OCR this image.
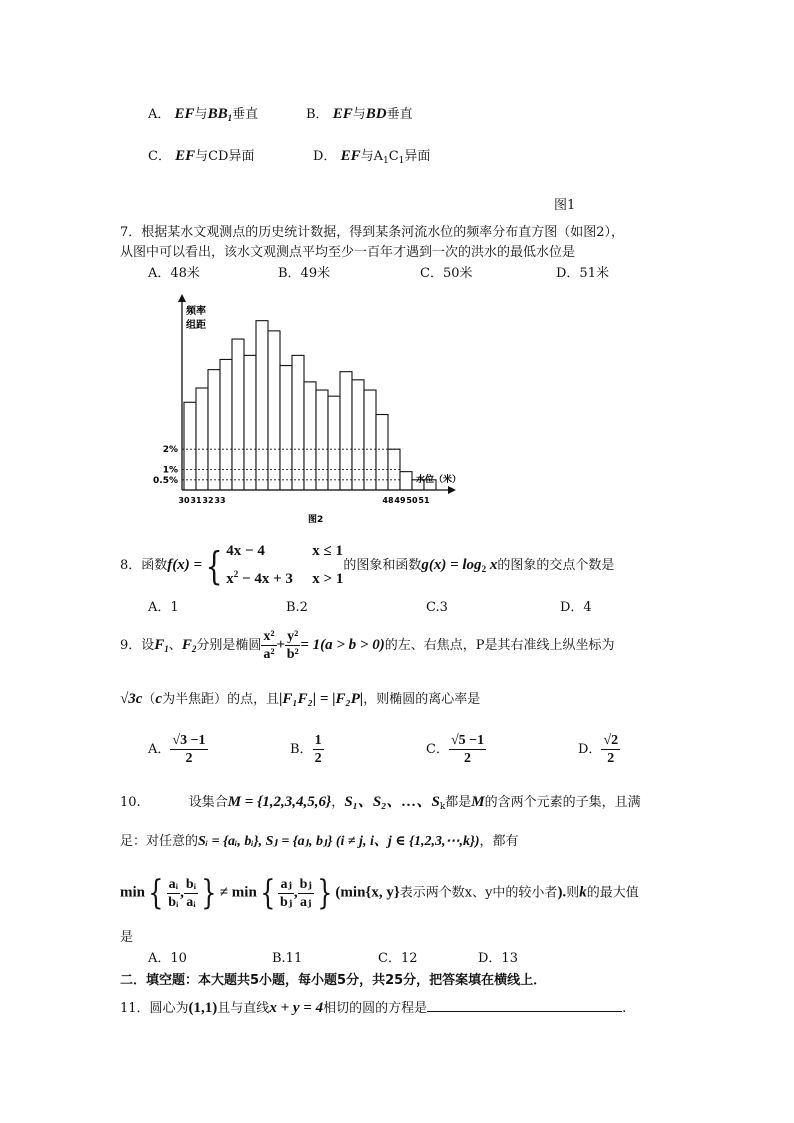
A． EF与$BB_1$垂直	B． EF与BD垂直
C． EF与CD异面	D． EF与$A_1C_1$异面
图1
7．根据某水文观测点的历史统计数据，得到某条河流水位的频率分布直方图（如图2），
从图中可以看出，该水文观测点平均至少一百年才遇到一次的洪水的最低水位是
A．48米	B．49米	C．50米	D．51米
频率
组距
水位（米）
2%
1%
0.5%
30 31 32 33	48 49 50 51
图2
8．函数f(x) ={ 4x − 4	x ≤ 1
$x^2 - 4x + 3$ x > 1
的图象和函数$g(x) = \log_2 x$的图象的交点个数是
A．1	B.2	C.3	D．4
9．设$F_1$、$F_2$分别是椭圆 $\frac{\text{x²}}{\text{a²}} + \frac{\text{y²}}{\text{b²}} = 1(a > b > 0)$的左、右焦点，P是其右准线上纵坐标为
√3c（c为半焦距）的点，且|F₁F₂| = |F₂P|，则椭圆的离心率是
A． $\frac{√3 -1}{2}$	B． $\frac{1}{2}$	C． $\frac{√5 -1}{2}$	D． $\frac{√2}{2}$
10.	设集合M = {1,2,3,4,5,6}，S₁、S₂、…、$S_k$都是M的含两个元素的子集，且满
足：对任意的Sᵢ = {aᵢ, bᵢ}, Sⱼ = {aⱼ, bⱼ} (i ≠ j, i、j ∈ {1,2,3,⋯,k})，都有
$\min\{ \frac{\text{aᵢ}}{\text{bᵢ}}$ , $\frac{\text{bᵢ}}{\text{aᵢ}}$ } ≠ $\min\{ \frac{\text{aⱼ}}{\text{bⱼ}}$ , $\frac{\text{bⱼ}}{\text{aⱼ}}$ } (min{x, y}表示两个数x、y中的较小者).则k的最大值
是
A．10	B.11	C．12	D．13
二．填空题：本大题共5小题，每小题5分，共25分，把答案填在横线上．
11．圆心为(1,1)且与直线x + y = 4相切的圆的方程是	.
